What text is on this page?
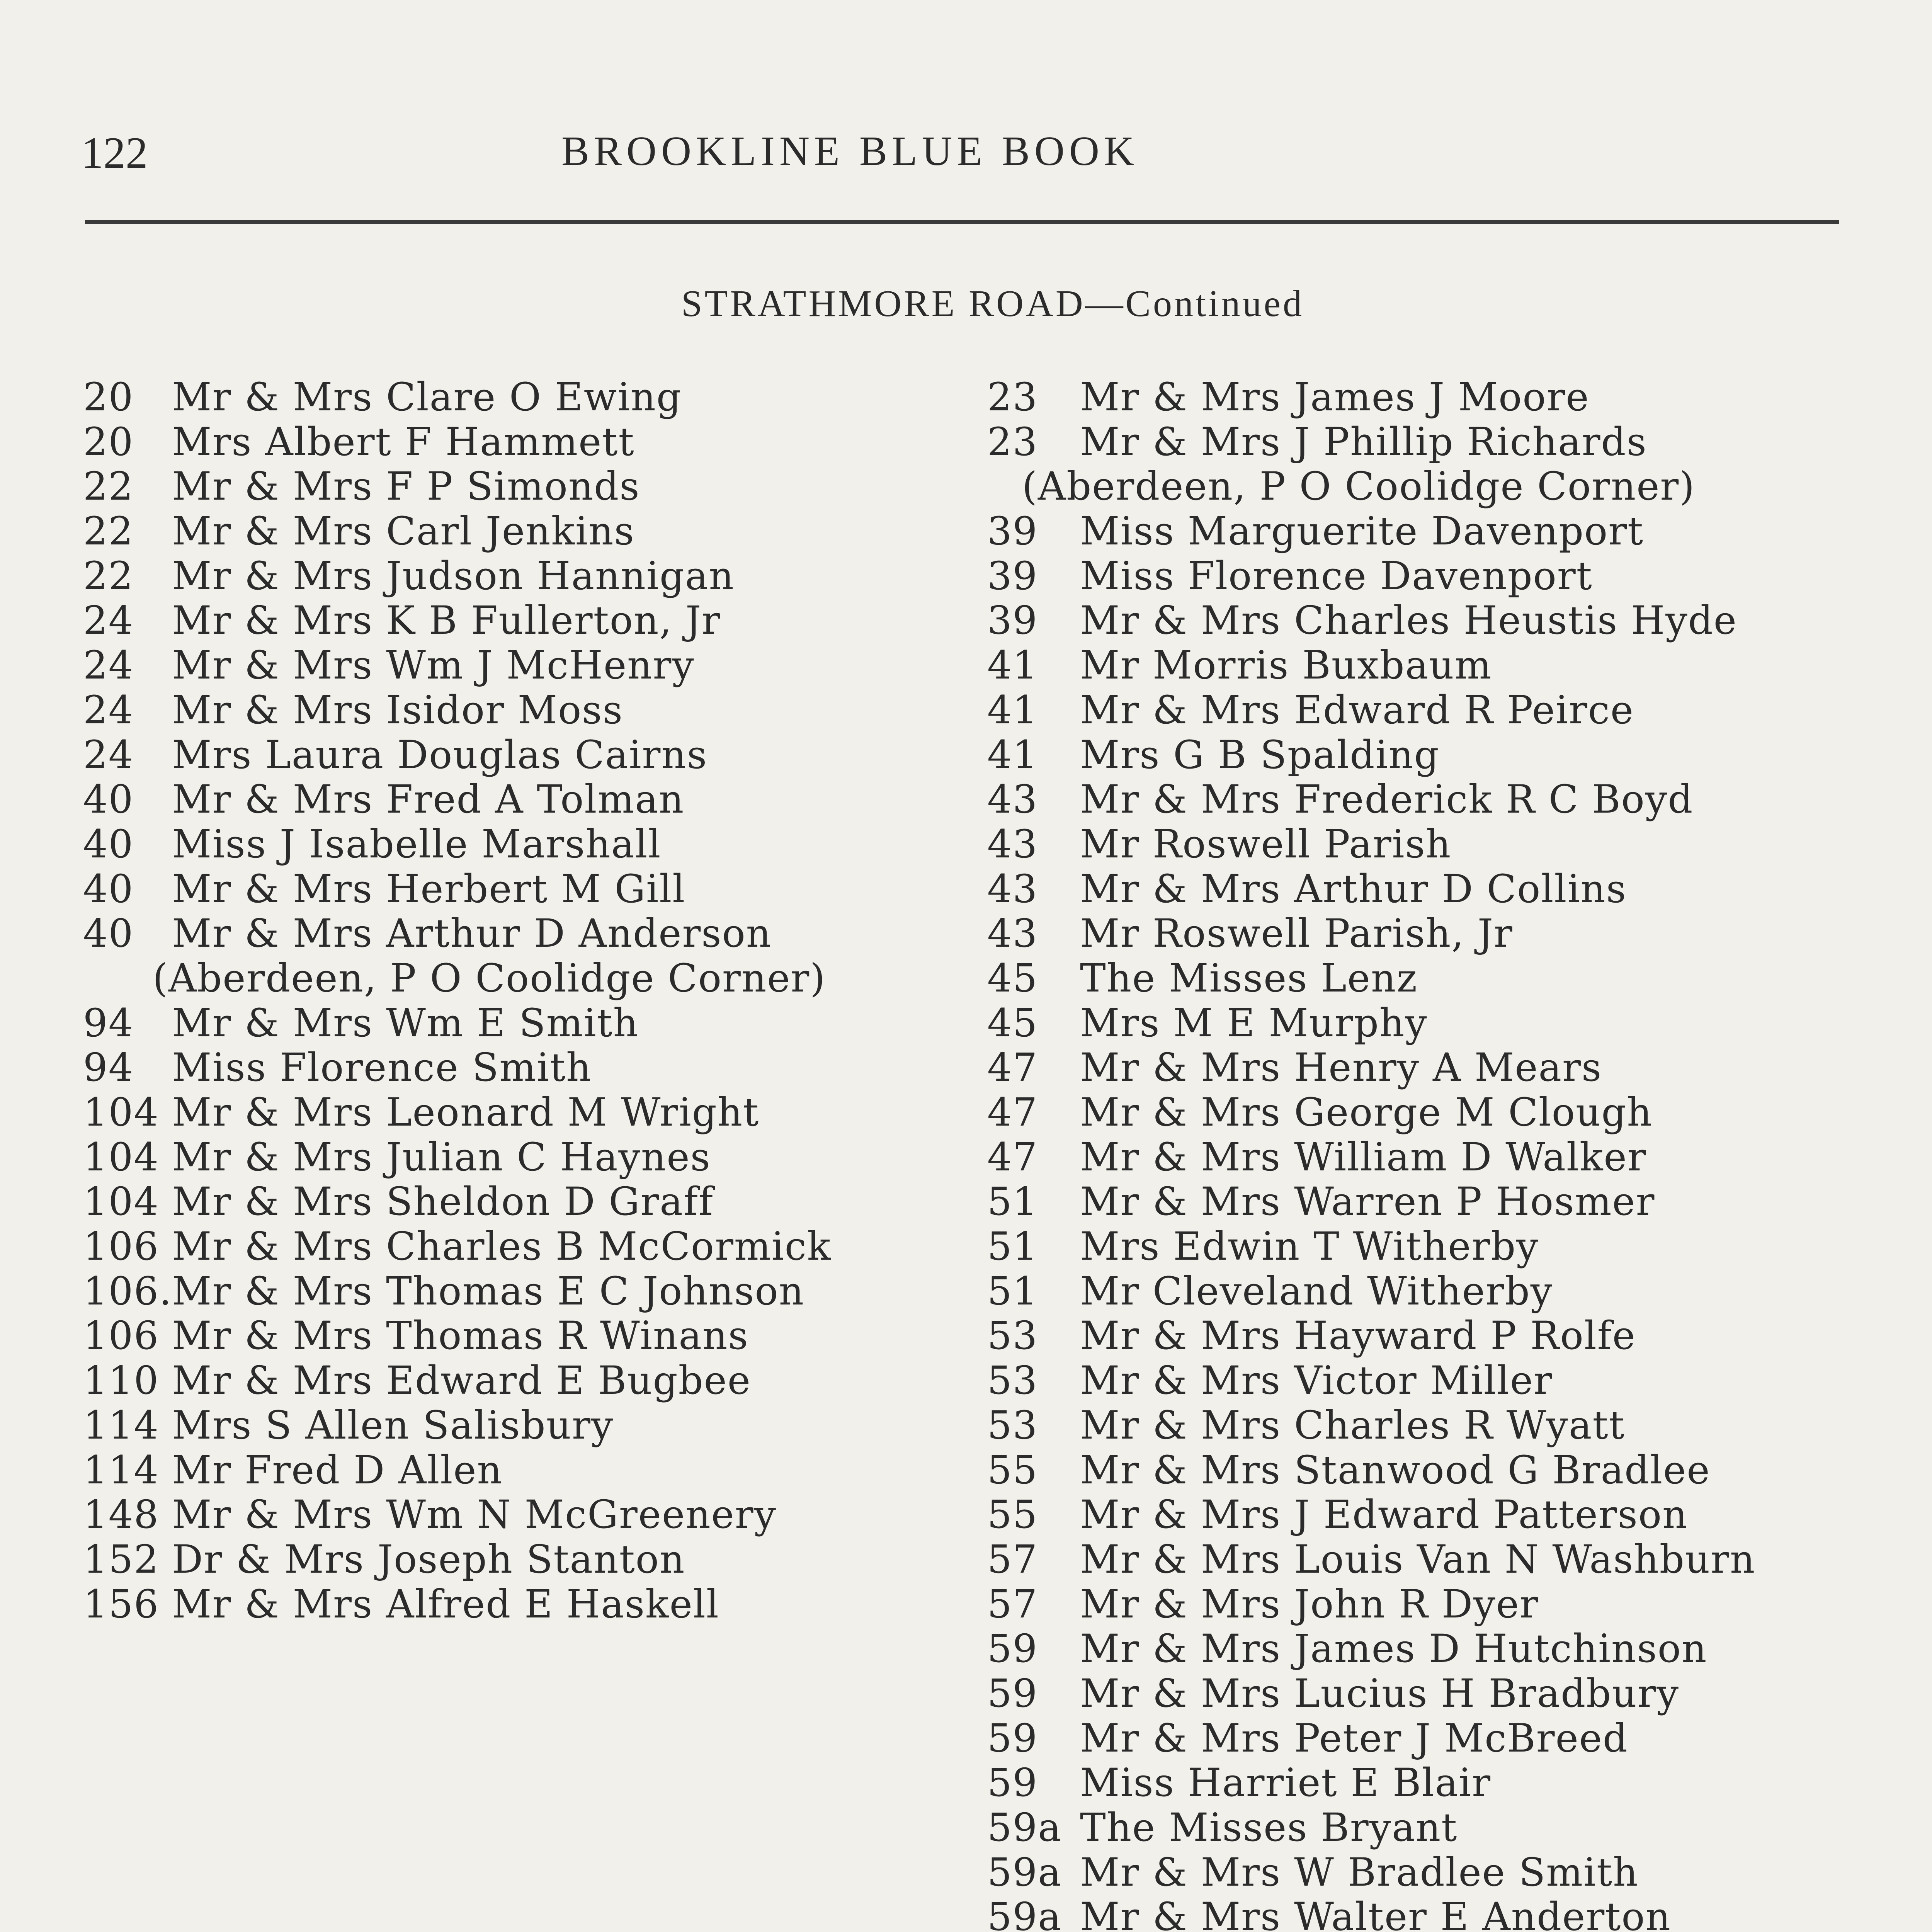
122	BROOKLINE BLUE BOOK
STRATHMORE ROAD—Continued
20 Mr & Mrs Clare O Ewing
20 Mrs Albert F Hammett
22 Mr & Mrs F P Simonds
22 Mr & Mrs Carl Jenkins
22 Mr & Mrs Judson Hannigan
24 Mr & Mrs K B Fullerton, Jr
24 Mr & Mrs Wm J McHenry
24 Mr & Mrs Isidor Moss
24 Mrs Laura Douglas Cairns
40 Mr & Mrs Fred A Tolman
40 Miss J Isabelle Marshall
40 Mr & Mrs Herbert M Gill
40 Mr & Mrs Arthur D Anderson
(Aberdeen, P O Coolidge Corner)
94 Mr & Mrs Wm E Smith
94 Miss Florence Smith
104 Mr & Mrs Leonard M Wright
104 Mr & Mrs Julian C Haynes
104 Mr & Mrs Sheldon D Graff
106 Mr & Mrs Charles B McCormick
106.Mr & Mrs Thomas E C Johnson
106 Mr & Mrs Thomas R Winans
110 Mr & Mrs Edward E Bugbee
114 Mrs S Allen Salisbury
114 Mr Fred D Allen
148 Mr & Mrs Wm N McGreenery
152 Dr & Mrs Joseph Stanton
156 Mr & Mrs Alfred E Haskell
23 Mr & Mrs James J Moore
23 Mr & Mrs J Phillip Richards
(Aberdeen, P O Coolidge Corner)
39 Miss Marguerite Davenport
39 Miss Florence Davenport
39 Mr & Mrs Charles Heustis Hyde
41 Mr Morris Buxbaum
41 Mr & Mrs Edward R Peirce
41 Mrs G B Spalding
43 Mr & Mrs Frederick R C Boyd
43 Mr Roswell Parish
43 Mr & Mrs Arthur D Collins
43 Mr Roswell Parish, Jr
45 The Misses Lenz
45 Mrs M E Murphy
47 Mr & Mrs Henry A Mears
47 Mr & Mrs George M Clough
47 Mr & Mrs William D Walker
51 Mr & Mrs Warren P Hosmer
51 Mrs Edwin T Witherby
51 Mr Cleveland Witherby
53 Mr & Mrs Hayward P Rolfe
53 Mr & Mrs Victor Miller
53 Mr & Mrs Charles R Wyatt
55 Mr & Mrs Stanwood G Bradlee
55 Mr & Mrs J Edward Patterson
57 Mr & Mrs Louis Van N Washburn
57 Mr & Mrs John R Dyer
59 Mr & Mrs James D Hutchinson
59 Mr & Mrs Lucius H Bradbury
59 Mr & Mrs Peter J McBreed
59 Miss Harriet E Blair
59a The Misses Bryant
59a Mr & Mrs W Bradlee Smith
59a Mr & Mrs Walter E Anderton
